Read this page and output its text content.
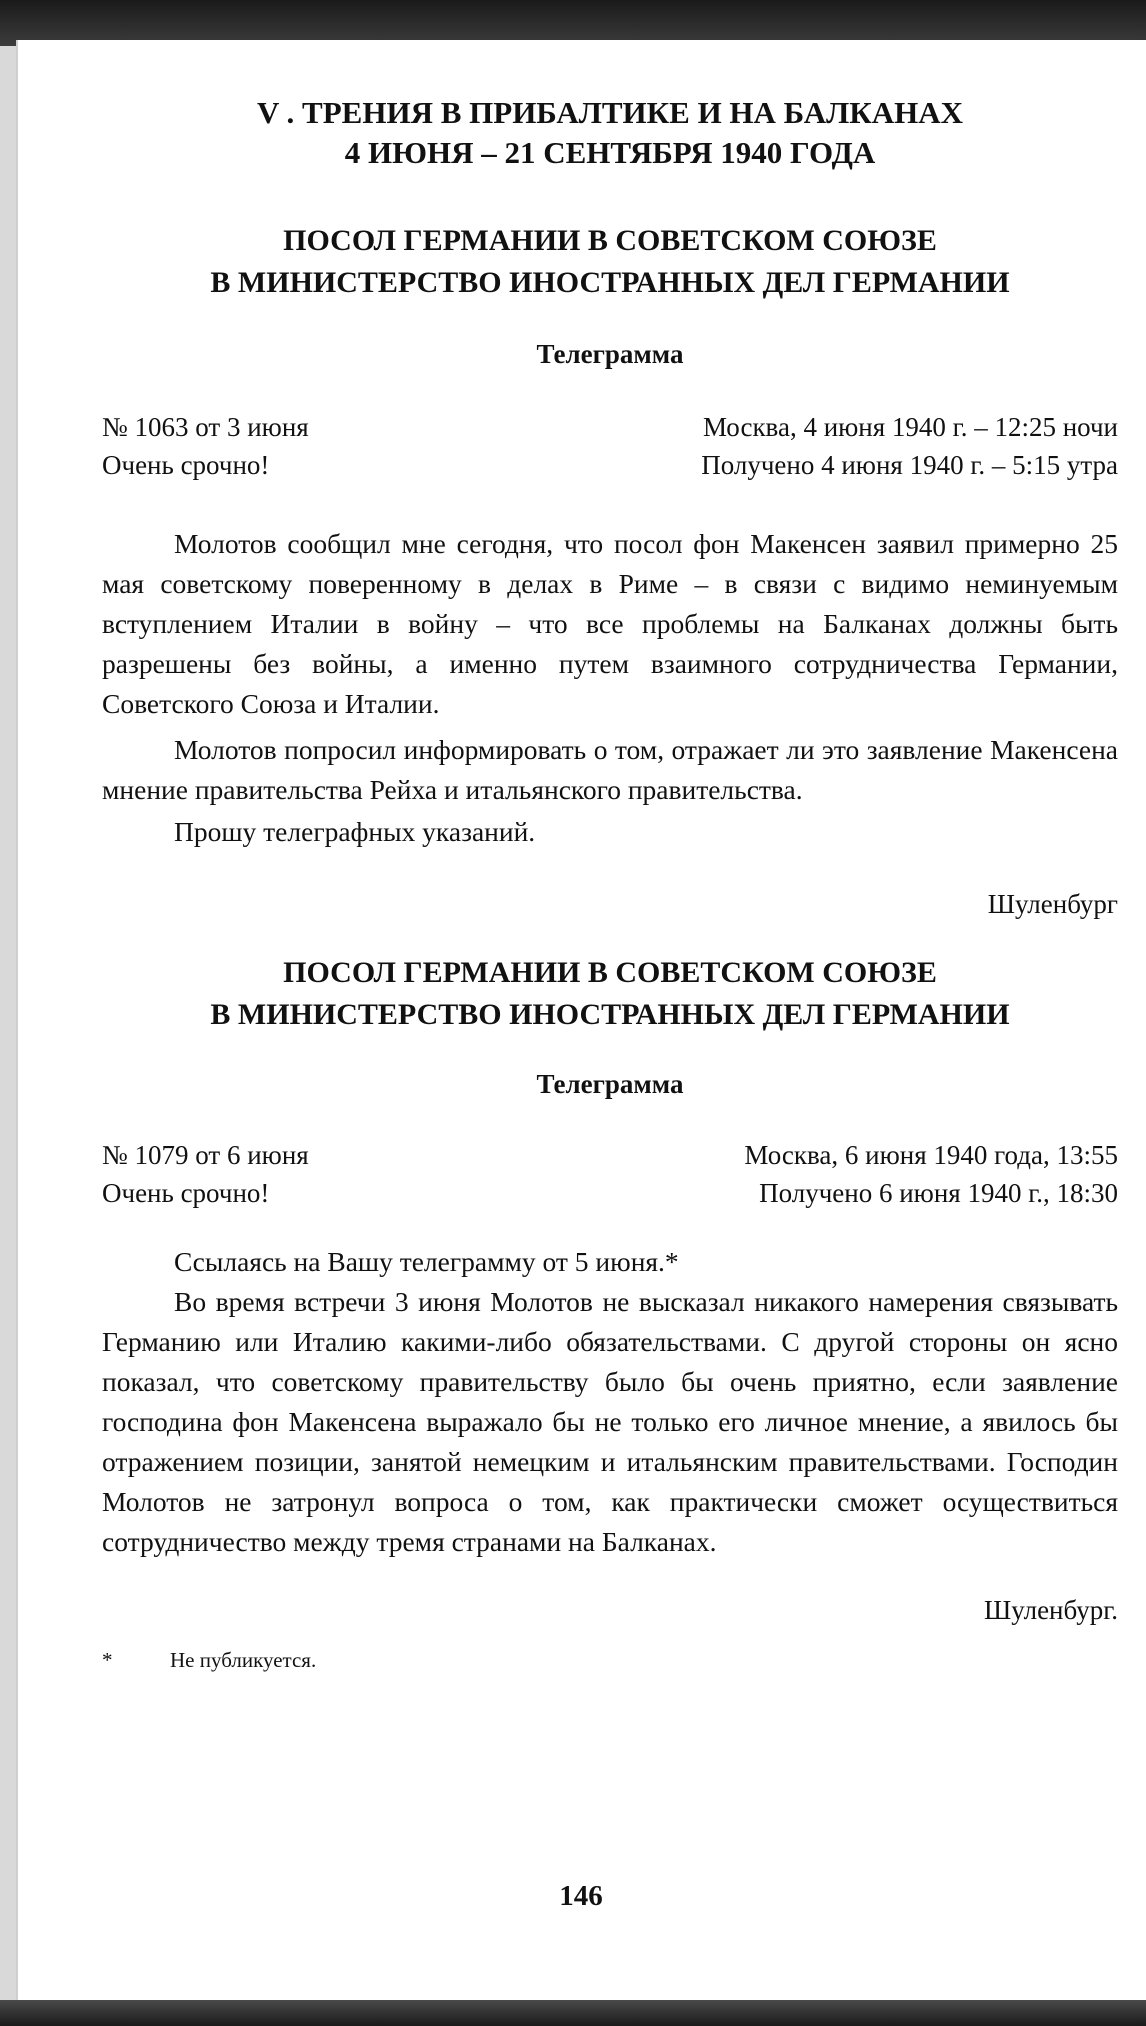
V . ТРЕНИЯ В ПРИБАЛТИКЕ И НА БАЛКАНАХ

4 ИЮНЯ – 21 СЕНТЯБРЯ 1940 ГОДА

ПОСОЛ ГЕРМАНИИ В СОВЕТСКОМ СОЮЗЕ

В МИНИСТЕРСТВО ИНОСТРАННЫХ ДЕЛ ГЕРМАНИИ

Телеграмма

№ 1063 от 3 июня	Москва, 4 июня 1940 г. – 12:25 ночи
Очень срочно!	Получено 4 июня 1940 г. – 5:15 утра

Молотов сообщил мне сегодня, что посол фон Макенсен заявил примерно 25 мая советскому поверенному в делах в Риме – в связи с видимо неминуемым вступлением Италии в войну – что все проблемы на Балканах должны быть разрешены без войны, а именно путем взаимного сотрудничества Германии, Советского Союза и Италии.

Молотов попросил информировать о том, отражает ли это заявление Макенсена мнение правительства Рейха и итальянского правительства.

Прошу телеграфных указаний.

Шуленбург

ПОСОЛ ГЕРМАНИИ В СОВЕТСКОМ СОЮЗЕ

В МИНИСТЕРСТВО ИНОСТРАННЫХ ДЕЛ ГЕРМАНИИ

Телеграмма

№ 1079 от 6 июня	Москва, 6 июня 1940 года, 13:55
Очень срочно!	Получено 6 июня 1940 г., 18:30

Ссылаясь на Вашу телеграмму от 5 июня.*

Во время встречи 3 июня Молотов не высказал никакого намерения связывать Германию или Италию какими-либо обязательствами. С другой стороны он ясно показал, что советскому правительству было бы очень приятно, если заявление господина фон Макенсена выражало бы не только его личное мнение, а явилось бы отражением позиции, занятой немецким и итальянским правительствами. Господин Молотов не затронул вопроса о том, как практически сможет осуществиться сотрудничество между тремя странами на Балканах.

Шуленбург.

*	Не публикуется.
146
